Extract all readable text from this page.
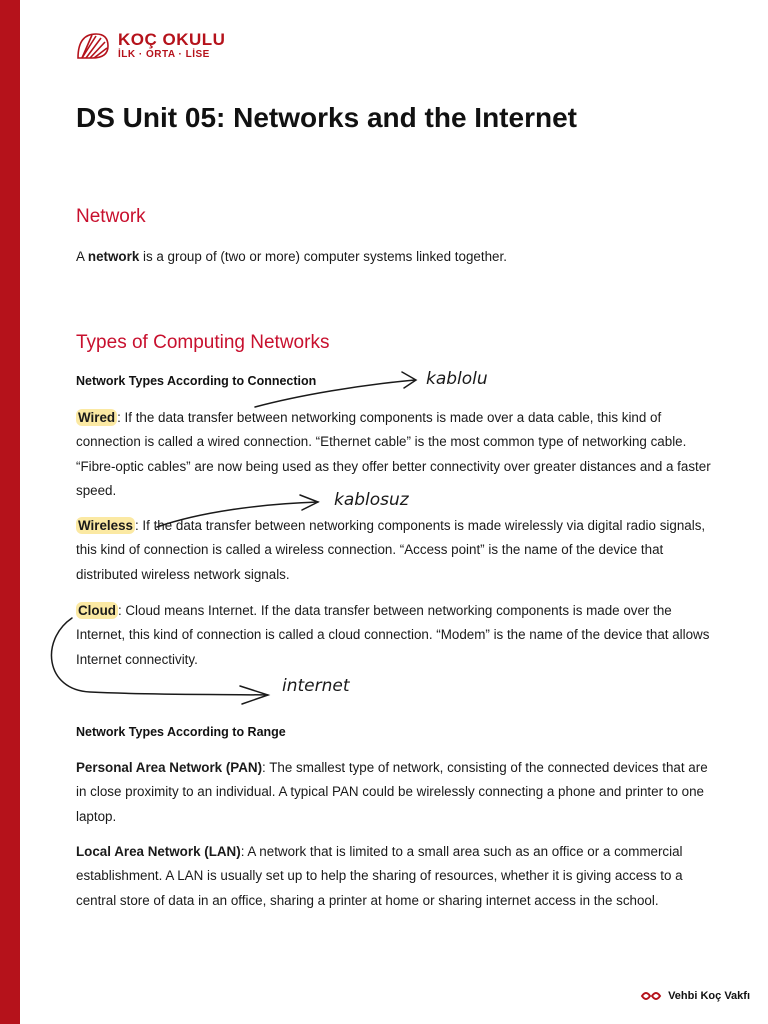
KOÇ OKULU
İLK · ORTA · LİSE
DS Unit 05: Networks and the Internet
Network

A network is a group of (two or more) computer systems linked together.

Types of Computing Networks
Network Types According to Connection

Wired : If the data transfer between networking components is made over a data cable, this kind of connection is called a wired connection. “Ethernet cable” is the most common type of networking cable. “Fibre-optic cables” are now being used as they offer better connectivity over greater distances and a faster speed.

Wireless : If the data transfer between networking components is made wirelessly via digital radio signals, this kind of connection is called a wireless connection. “Access point” is the name of the device that distributed wireless network signals.

Cloud : Cloud means Internet. If the data transfer between networking components is made over the Internet, this kind of connection is called a cloud connection. “Modem” is the name of the device that allows Internet connectivity.

Network Types According to Range

Personal Area Network (PAN): The smallest type of network, consisting of the connected devices that are in close proximity to an individual. A typical PAN could be wirelessly connecting a phone and printer to one laptop.

Local Area Network (LAN): A network that is limited to a small area such as an office or a commercial establishment. A LAN is usually set up to help the sharing of resources, whether it is giving access to a central store of data in an office, sharing a printer at home or sharing internet access in the school.

kablolu
kablosuz
internet
Vehbi Koç Vakfı
